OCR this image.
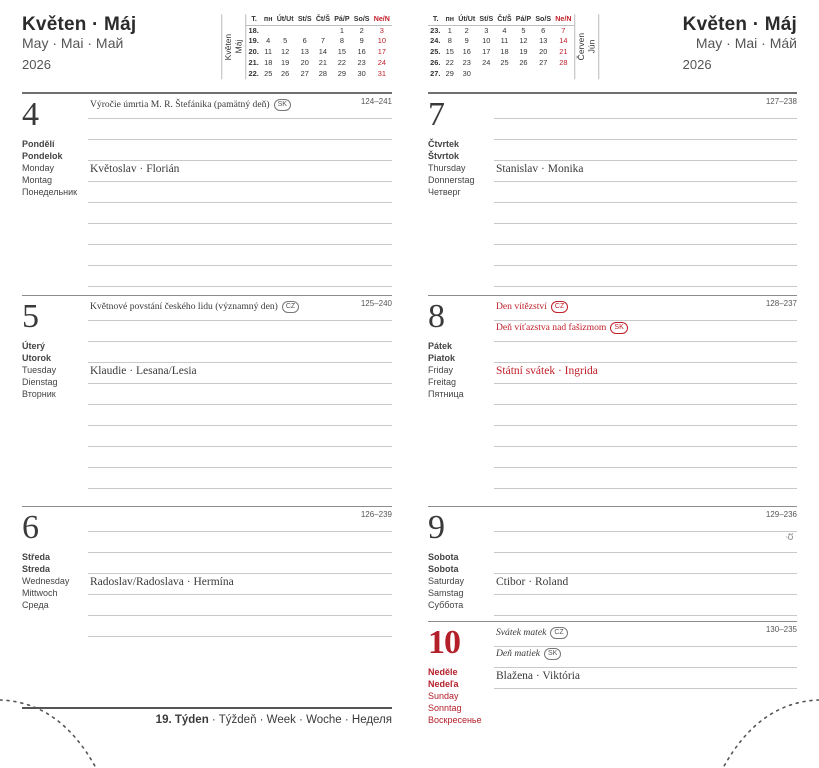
Květen · Máj
May · Mai · Май
2026
Květen
Máj
T.	пн	Út/Ut	St/S	Čt/Š	Pá/P	So/S	Ne/N
18.					1	2	3
19.	4	5	6	7	8	9	10
20.	11	12	13	14	15	16	17
21.	18	19	20	21	22	23	24
22.	25	26	27	28	29	30	31
4
Pondělí
Pondelok
Monday
Montag
Понедельник
124–241
Výročie úmrtia M. R. Štefánika (pamätný deň) SK
Květoslav · Florián
5
Úterý
Utorok
Tuesday
Dienstag
Вторник
125–240
Květnové povstání českého lidu (významný den) CZ
Klaudie · Lesana/Lesia
6
Středa
Streda
Wednesday
Mittwoch
Среда
126–239
Radoslav/Radoslava · Hermína
19. Týden · Týždeň · Week · Woche · Неделя
T.	пн	Út/Ut	St/S	Čt/Š	Pá/P	So/S	Ne/N
23.	1	2	3	4	5	6	7
24.	8	9	10	11	12	13	14
25.	15	16	17	18	19	20	21
26.	22	23	24	25	26	27	28
27.	29	30					
Červen
Jún
Květen · Máj
May · Mai · Máй
2026
7
Čtvrtek
Štvrtok
Thursday
Donnerstag
Четверг
127–238
Stanislav · Monika
8
Pátek
Piatok
Friday
Freitag
Пятница
128–237
Den vítězství CZ
Deň víťazstva nad fašizmom SK
Státní svátek · Ingrida
9
Sobota
Sobota
Saturday
Samstag
Суббота
129–236
Čt
Ctibor · Roland
10
Neděle
Nedeľa
Sunday
Sonntag
Воскресенье
130–235
Svátek matek CZ
Deň matiek SK
Blažena · Viktória
